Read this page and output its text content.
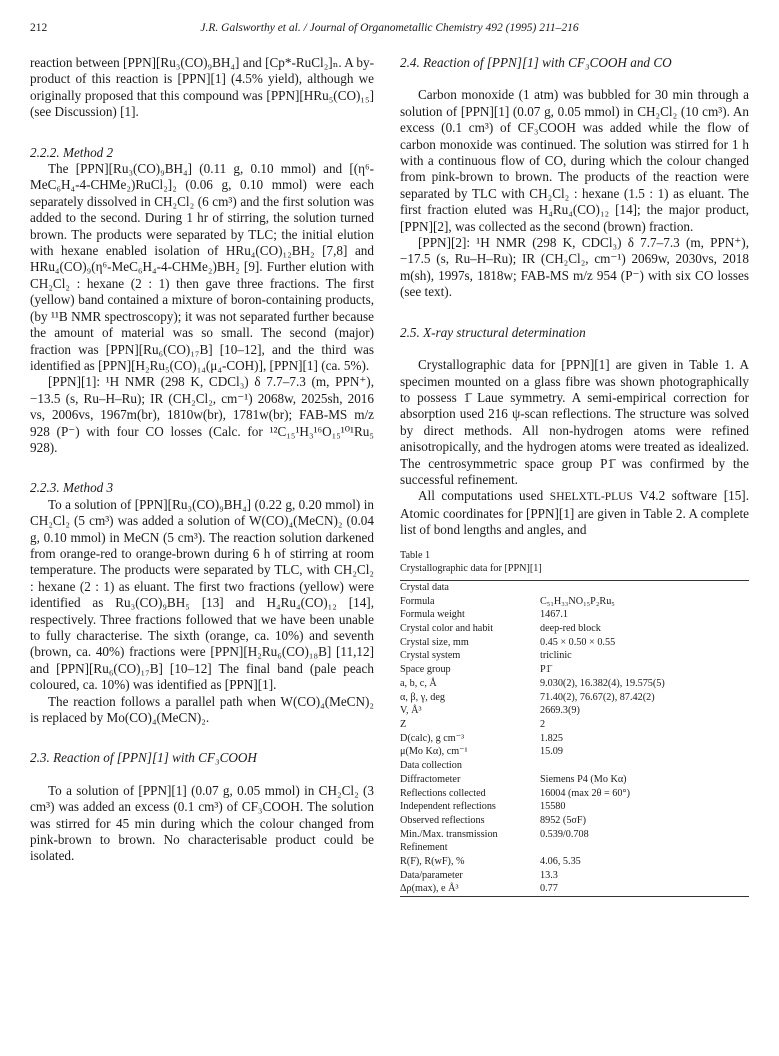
212	J.R. Galsworthy et al. / Journal of Organometallic Chemistry 492 (1995) 211–216

reaction between [PPN][Ru₃(CO)₉BH₄] and [Cp*-RuCl₂]ₙ. A by-product of this reaction is [PPN][1] (4.5% yield), although we originally proposed that this compound was [PPN][HRu₅(CO)₁₅] (see Discussion) [1].

2.2.2. Method 2

The [PPN][Ru₃(CO)₉BH₄] (0.11 g, 0.10 mmol) and [(η⁶-MeC₆H₄-4-CHMe₂)RuCl₂]₂ (0.06 g, 0.10 mmol) were each separately dissolved in CH₂Cl₂ (6 cm³) and the first solution was added to the second. During 1 hr of stirring, the solution turned brown. The products were separated by TLC; the initial elution with hexane enabled isolation of HRu₄(CO)₁₂BH₂ [7,8] and HRu₄(CO)₉(η⁶-MeC₆H₄-4-CHMe₂)BH₂ [9]. Further elution with CH₂Cl₂ : hexane (2 : 1) then gave three fractions. The first (yellow) band contained a mixture of boron-containing products, (by ¹¹B NMR spectroscopy); it was not separated further because the amount of material was so small. The second (major) fraction was [PPN][Ru₆(CO)₁₇B] [10–12], and the third was identified as [PPN][H₂Ru₅(CO)₁₄(μ₄-COH)], [PPN][1] (ca. 5%).

[PPN][1]: ¹H NMR (298 K, CDCl₃) δ 7.7–7.3 (m, PPN⁺), −13.5 (s, Ru–H–Ru); IR (CH₂Cl₂, cm⁻¹) 2068w, 2025sh, 2016 vs, 2006vs, 1967m(br), 1810w(br), 1781w(br); FAB-MS m/z 928 (P⁻) with four CO losses (Calc. for ¹²C₁₅¹H₃¹⁶O₁₅¹⁰¹Ru₅ 928).

2.2.3. Method 3

To a solution of [PPN][Ru₃(CO)₉BH₄] (0.22 g, 0.20 mmol) in CH₂Cl₂ (5 cm³) was added a solution of W(CO)₄(MeCN)₂ (0.04 g, 0.10 mmol) in MeCN (5 cm³). The reaction solution darkened from orange-red to orange-brown during 6 h of stirring at room temperature. The products were separated by TLC, with CH₂Cl₂ : hexane (2 : 1) as eluant. The first two fractions (yellow) were identified as Ru₃(CO)₉BH₅ [13] and H₄Ru₄(CO)₁₂ [14], respectively. Three fractions followed that we have been unable to fully characterise. The sixth (orange, ca. 10%) and seventh (brown, ca. 40%) fractions were [PPN][H₂Ru₆(CO)₁₈B] [11,12] and [PPN][Ru₆(CO)₁₇B] [10–12] The final band (pale peach coloured, ca. 10%) was identified as [PPN][1].

The reaction follows a parallel path when W(CO)₄(MeCN)₂ is replaced by Mo(CO)₄(MeCN)₂.

2.3. Reaction of [PPN][1] with CF₃COOH

To a solution of [PPN][1] (0.07 g, 0.05 mmol) in CH₂Cl₂ (3 cm³) was added an excess (0.1 cm³) of CF₃COOH. The solution was stirred for 45 min during which the colour changed from pink-brown to brown. No characterisable product could be isolated.

2.4. Reaction of [PPN][1] with CF₃COOH and CO

Carbon monoxide (1 atm) was bubbled for 30 min through a solution of [PPN][1] (0.07 g, 0.05 mmol) in CH₂Cl₂ (10 cm³). An excess (0.1 cm³) of CF₃COOH was added while the flow of carbon monoxide was continued. The solution was stirred for 1 h with a continuous flow of CO, during which the colour changed from pink-brown to brown. The products of the reaction were separated by TLC with CH₂Cl₂ : hexane (1.5 : 1) as eluant. The first fraction eluted was H₄Ru₄(CO)₁₂ [14]; the major product, [PPN][2], was collected as the second (brown) fraction.

[PPN][2]: ¹H NMR (298 K, CDCl₃) δ 7.7–7.3 (m, PPN⁺), −17.5 (s, Ru–H–Ru); IR (CH₂Cl₂, cm⁻¹) 2069w, 2030vs, 2018 m(sh), 1997s, 1818w; FAB-MS m/z 954 (P⁻) with six CO losses (see text).

2.5. X-ray structural determination

Crystallographic data for [PPN][1] are given in Table 1. A specimen mounted on a glass fibre was shown photographically to possess 1̄ Laue symmetry. A semi-empirical correction for absorption used 216 ψ-scan reflections. The structure was solved by direct methods. All non-hydrogen atoms were refined anisotropically, and the hydrogen atoms were treated as idealized. The centrosymmetric space group P1̄ was confirmed by the successful refinement.

All computations used SHELXTL-PLUS V4.2 software [15]. Atomic coordinates for [PPN][1] are given in Table 2. A complete list of bond lengths and angles, and

Table 1

Crystallographic data for [PPN][1]

Crystal data
Formula	C₅₁H₃₃NO₁₅P₂Ru₅
Formula weight	1467.1
Crystal color and habit	deep-red block
Crystal size, mm	0.45 × 0.50 × 0.55
Crystal system	triclinic
Space group	P1̄
a, b, c, Å	9.030(2), 16.382(4), 19.575(5)
α, β, γ, deg	71.40(2), 76.67(2), 87.42(2)
V, Å³	2669.3(9)
Z	2
D(calc), g cm⁻³	1.825
μ(Mo Kα), cm⁻¹	15.09
Data collection
Diffractometer	Siemens P4 (Mo Kα)
Reflections collected	16004 (max 2θ = 60°)
Independent reflections	15580
Observed reflections	8952 (5σF)
Min./Max. transmission	0.539/0.708
Refinement
R(F), R(wF), %	4.06, 5.35
Data/parameter	13.3
Δρ(max), e Å³	0.77
